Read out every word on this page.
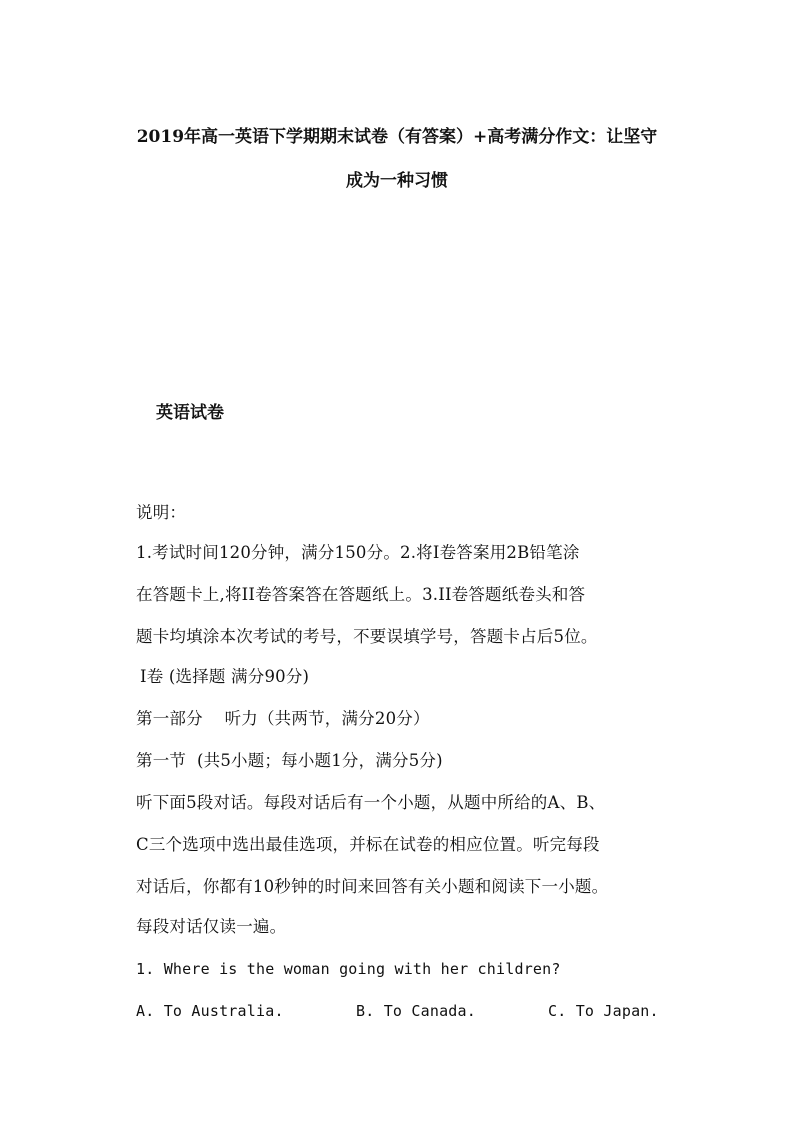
2019年高一英语下学期期末试卷（有答案）+高考满分作文：让坚守
成为一种习惯
英语试卷
说明：
1.考试时间120分钟，满分150分。2.将Ⅰ卷答案用2B铅笔涂
在答题卡上,将II卷答案答在答题纸上。3.II卷答题纸卷头和答
题卡均填涂本次考试的考号，不要误填学号，答题卡占后5位。
Ⅰ卷 (选择题 满分90分)
第一部分    听力（共两节，满分20分）
第一节  (共5小题；每小题1分，满分5分)
听下面5段对话。每段对话后有一个小题，从题中所给的A、B、
C三个选项中选出最佳选项，并标在试卷的相应位置。听完每段
对话后，你都有10秒钟的时间来回答有关小题和阅读下一小题。
每段对话仅读一遍。
1. Where is the woman going with her children?
A. To Australia.	B. To Canada.	C. To Japan.
